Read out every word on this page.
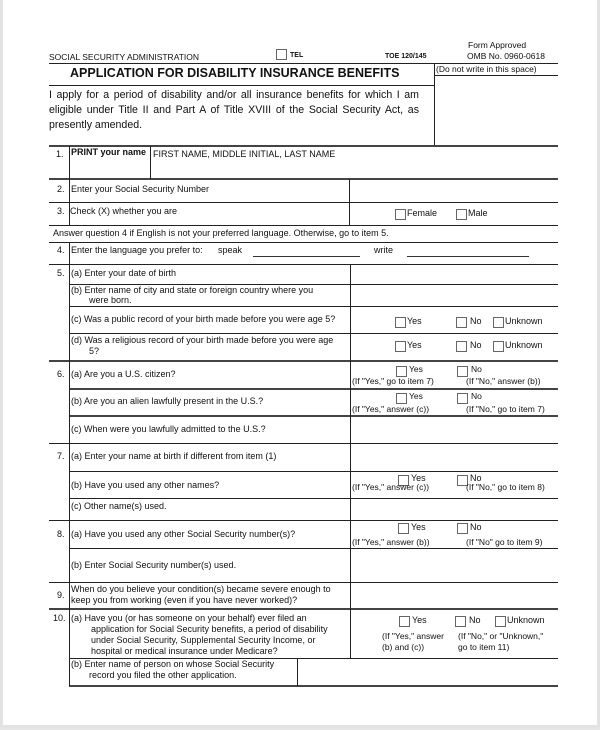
SOCIAL SECURITY ADMINISTRATION	TEL	TOE 120/145
Form Approved
OMB No. 0960-0618
APPLICATION FOR DISABILITY INSURANCE BENEFITS	(Do not write in this space)
I apply for a period of disability and/or all insurance benefits for which I am eligible under Title II and Part A of Title XVIII of the Social Security Act, as presently amended.
1. PRINT your name FIRST NAME, MIDDLE INITIAL, LAST NAME
2. Enter your Social Security Number
3. Check (X) whether you are	Female	Male
Answer question 4 if English is not your preferred language. Otherwise, go to item 5.
4. Enter the language you prefer to: speak	write
5. (a) Enter your date of birth
(b) Enter name of city and state or foreign country where you
were born.
(c) Was a public record of your birth made before you were age 5?	Yes	No	Unknown
(d) Was a religious record of your birth made before you were age
5?
Yes	No	Unknown
6. (a) Are you a U.S. citizen?	Yes	No
(If "Yes," go to item 7)	(If "No," answer (b))
(b) Are you an alien lawfully present in the U.S.?	Yes	No
(If "Yes," answer (c))	(If "No," go to item 7)
(c) When were you lawfully admitted to the U.S.?
7. (a) Enter your name at birth if different from item (1)
(b) Have you used any other names?
Yes	No
(If "Yes," answer (c))	(If "No," go to item 8)
(c) Other name(s) used.
8. (a) Have you used any other Social Security number(s)?
Yes	No
(If "Yes," answer (b))	(If "No" go to item 9)
(b) Enter Social Security number(s) used.
9.
When do you believe your condition(s) became severe enough to
keep you from working (even if you have never worked)?
10. (a) Have you (or has someone on your behalf) ever filed an
application for Social Security benefits, a period of disability
under Social Security, Supplemental Security Income, or
hospital or medical insurance under Medicare?
Yes	No	Unknown
(If "Yes," answer
(b) and (c))
(If "No," or "Unknown,"
go to item 11)
(b) Enter name of person on whose Social Security
record you filed the other application.
